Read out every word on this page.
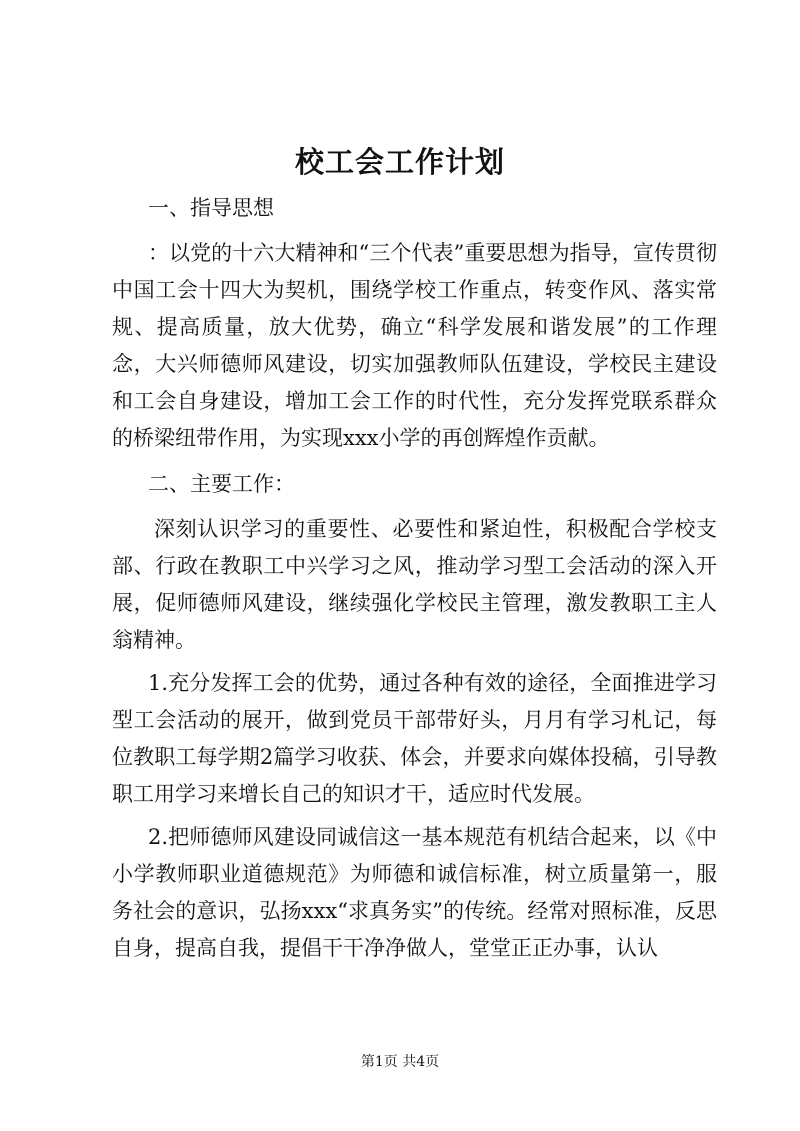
校工会工作计划

一、指导思想

：以党的十六大精神和“三个代表”重要思想为指导，宣传贯彻中国工会十四大为契机，围绕学校工作重点，转变作风、落实常规、提高质量，放大优势，确立“科学发展和谐发展”的工作理念，大兴师德师风建设，切实加强教师队伍建设，学校民主建设和工会自身建设，增加工会工作的时代性，充分发挥党联系群众的桥梁纽带作用，为实现xxx小学的再创辉煌作贡献。

二、主要工作：

深刻认识学习的重要性、必要性和紧迫性，积极配合学校支部、行政在教职工中兴学习之风，推动学习型工会活动的深入开展，促师德师风建设，继续强化学校民主管理，激发教职工主人翁精神。

1.充分发挥工会的优势，通过各种有效的途径，全面推进学习型工会活动的展开，做到党员干部带好头，月月有学习札记，每位教职工每学期2篇学习收获、体会，并要求向媒体投稿，引导教职工用学习来增长自己的知识才干，适应时代发展。

2.把师德师风建设同诚信这一基本规范有机结合起来，以《中小学教师职业道德规范》为师德和诚信标准，树立质量第一，服务社会的意识，弘扬xxx“求真务实”的传统。经常对照标准，反思自身，提高自我，提倡干干净净做人，堂堂正正办事，认认

第1页 共4页
